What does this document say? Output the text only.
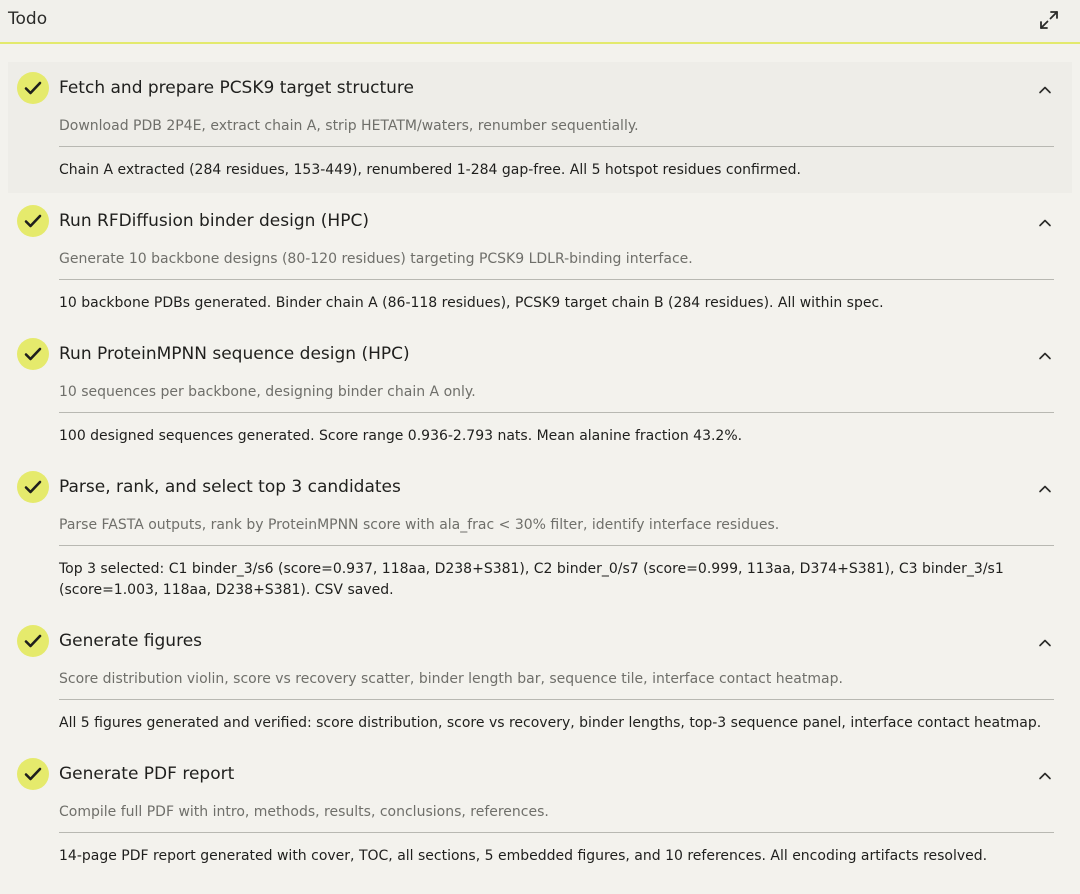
Todo
Fetch and prepare PCSK9 target structure
Download PDB 2P4E, extract chain A, strip HETATM/waters, renumber sequentially.
Chain A extracted (284 residues, 153-449), renumbered 1-284 gap-free. All 5 hotspot residues confirmed.
Run RFDiffusion binder design (HPC)
Generate 10 backbone designs (80-120 residues) targeting PCSK9 LDLR-binding interface.
10 backbone PDBs generated. Binder chain A (86-118 residues), PCSK9 target chain B (284 residues). All within spec.
Run ProteinMPNN sequence design (HPC)
10 sequences per backbone, designing binder chain A only.
100 designed sequences generated. Score range 0.936-2.793 nats. Mean alanine fraction 43.2%.
Parse, rank, and select top 3 candidates
Parse FASTA outputs, rank by ProteinMPNN score with ala_frac < 30% filter, identify interface residues.
Top 3 selected: C1 binder_3/s6 (score=0.937, 118aa, D238+S381), C2 binder_0/s7 (score=0.999, 113aa, D374+S381), C3 binder_3/s1 (score=1.003, 118aa, D238+S381). CSV saved.
Generate figures
Score distribution violin, score vs recovery scatter, binder length bar, sequence tile, interface contact heatmap.
All 5 figures generated and verified: score distribution, score vs recovery, binder lengths, top-3 sequence panel, interface contact heatmap.
Generate PDF report
Compile full PDF with intro, methods, results, conclusions, references.
14-page PDF report generated with cover, TOC, all sections, 5 embedded figures, and 10 references. All encoding artifacts resolved.
